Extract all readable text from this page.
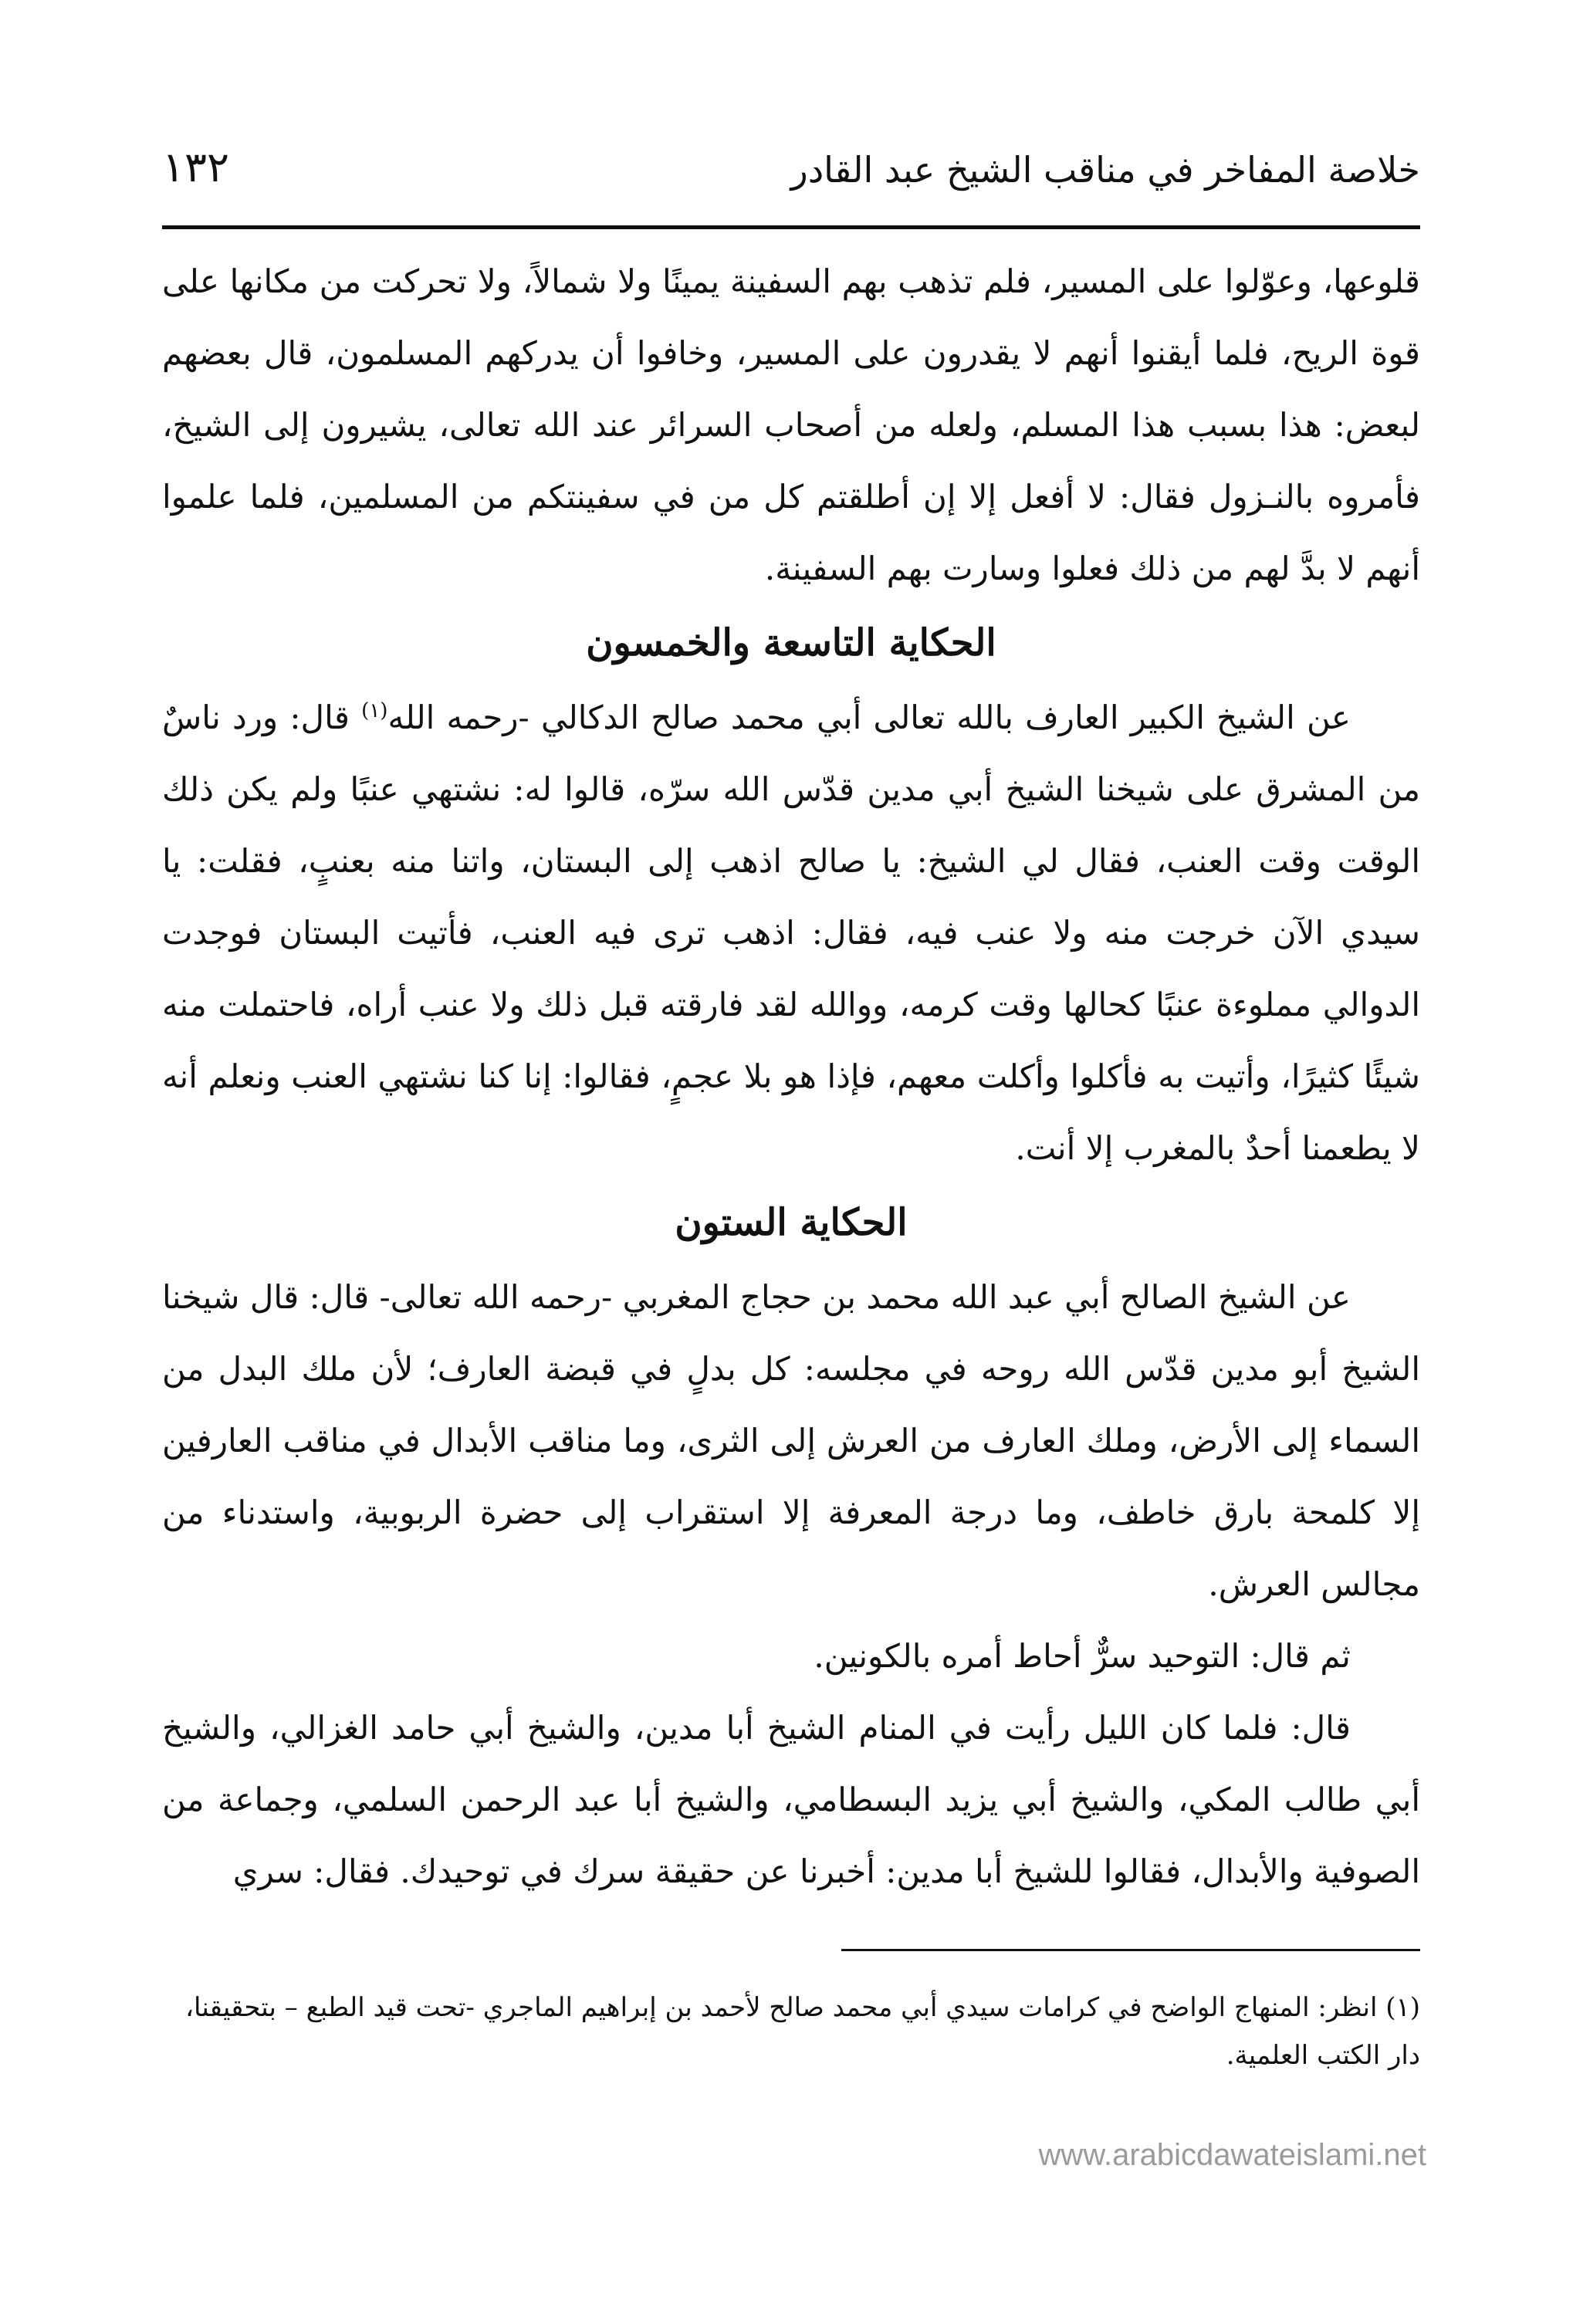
١٣٢	خلاصة المفاخر في مناقب الشيخ عبد القادر

قلوعها، وعوّلوا على المسير، فلم تذهب بهم السفينة يمينًا ولا شمالاً، ولا تحركت من مكانها على قوة الريح، فلما أيقنوا أنهم لا يقدرون على المسير، وخافوا أن يدركهم المسلمون، قال بعضهم لبعض: هذا بسبب هذا المسلم، ولعله من أصحاب السرائر عند الله تعالى، يشيرون إلى الشيخ، فأمروه بالنـزول فقال: لا أفعل إلا إن أطلقتم كل من في سفينتكم من المسلمين، فلما علموا أنهم لا بدَّ لهم من ذلك فعلوا وسارت بهم السفينة.

الحكاية التاسعة والخمسون

عن الشيخ الكبير العارف بالله تعالى أبي محمد صالح الدكالي -رحمه الله$^{(١)}$ قال: ورد ناسٌ من المشرق على شيخنا الشيخ أبي مدين قدّس الله سرّه، قالوا له: نشتهي عنبًا ولم يكن ذلك الوقت وقت العنب، فقال لي الشيخ: يا صالح اذهب إلى البستان، واتنا منه بعنبٍ، فقلت: يا سيدي الآن خرجت منه ولا عنب فيه، فقال: اذهب ترى فيه العنب، فأتيت البستان فوجدت الدوالي مملوءة عنبًا كحالها وقت كرمه، ووالله لقد فارقته قبل ذلك ولا عنب أراه، فاحتملت منه شيئًا كثيرًا، وأتيت به فأكلوا وأكلت معهم، فإذا هو بلا عجمٍ، فقالوا: إنا كنا نشتهي العنب ونعلم أنه لا يطعمنا أحدٌ بالمغرب إلا أنت.

الحكاية الستون

عن الشيخ الصالح أبي عبد الله محمد بن حجاج المغربي -رحمه الله تعالى- قال: قال شيخنا الشيخ أبو مدين قدّس الله روحه في مجلسه: كل بدلٍ في قبضة العارف؛ لأن ملك البدل من السماء إلى الأرض، وملك العارف من العرش إلى الثرى، وما مناقب الأبدال في مناقب العارفين إلا كلمحة بارق خاطف، وما درجة المعرفة إلا استقراب إلى حضرة الربوبية، واستدناء من مجالس العرش.

ثم قال: التوحيد سرٌّ أحاط أمره بالكونين.

قال: فلما كان الليل رأيت في المنام الشيخ أبا مدين، والشيخ أبي حامد الغزالي، والشيخ أبي طالب المكي، والشيخ أبي يزيد البسطامي، والشيخ أبا عبد الرحمن السلمي، وجماعة من الصوفية والأبدال، فقالوا للشيخ أبا مدين: أخبرنا عن حقيقة سرك في توحيدك. فقال: سري

(١) انظر: المنهاج الواضح في كرامات سيدي أبي محمد صالح لأحمد بن إبراهيم الماجري -تحت قيد الطبع – بتحقيقنا، دار الكتب العلمية.
www.arabicdawateislami.net
